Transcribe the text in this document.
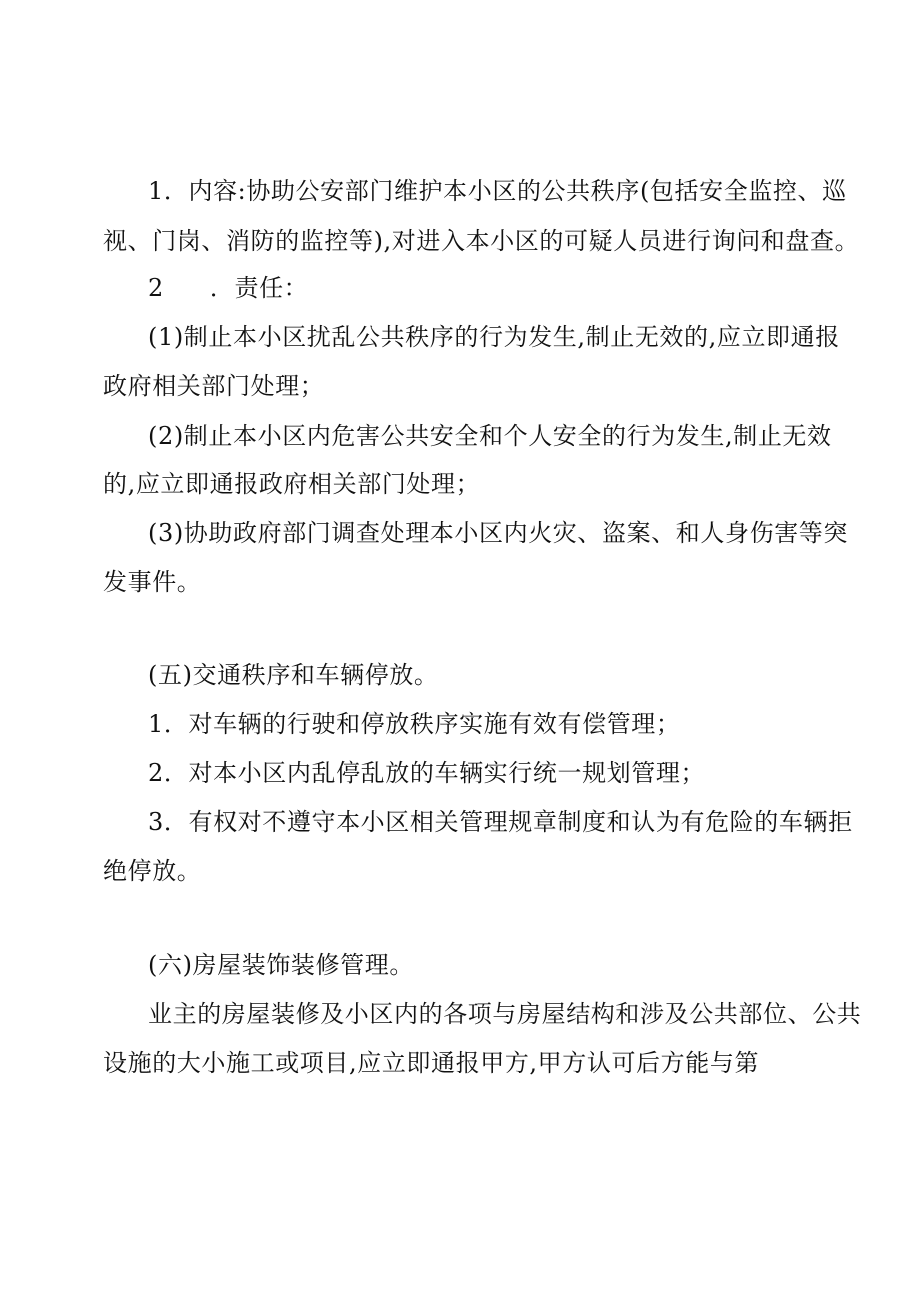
1．内容:协助公安部门维护本小区的公共秩序(包括安全监控、巡
视、门岗、消防的监控等),对进入本小区的可疑人员进行询问和盘查。
2 ．责任：
(1)制止本小区扰乱公共秩序的行为发生,制止无效的,应立即通报
政府相关部门处理；
(2)制止本小区内危害公共安全和个人安全的行为发生,制止无效
的,应立即通报政府相关部门处理；
(3)协助政府部门调查处理本小区内火灾、盗案、和人身伤害等突
发事件。
(五)交通秩序和车辆停放。
1．对车辆的行驶和停放秩序实施有效有偿管理；
2．对本小区内乱停乱放的车辆实行统一规划管理；
3．有权对不遵守本小区相关管理规章制度和认为有危险的车辆拒
绝停放。
(六)房屋装饰装修管理。
业主的房屋装修及小区内的各项与房屋结构和涉及公共部位、公共
设施的大小施工或项目,应立即通报甲方,甲方认可后方能与第
